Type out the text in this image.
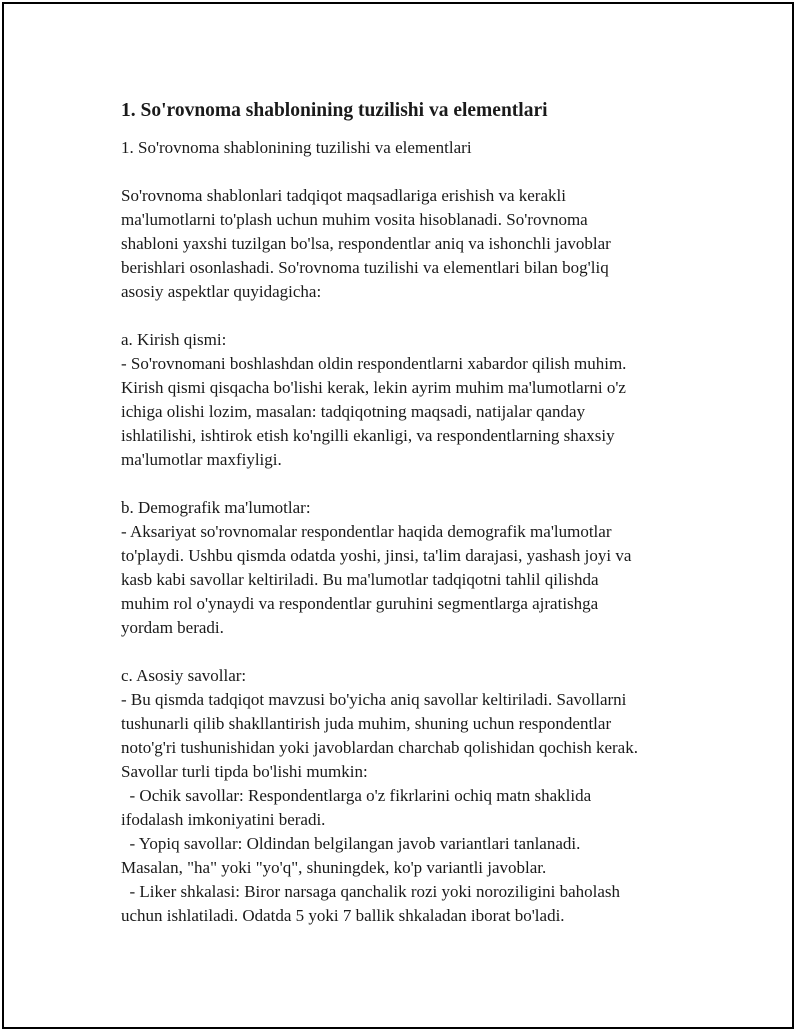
1. So'rovnoma shablonining tuzilishi va elementlari
1. So'rovnoma shablonining tuzilishi va elementlari
So'rovnoma shablonlari tadqiqot maqsadlariga erishish va kerakli
ma'lumotlarni to'plash uchun muhim vosita hisoblanadi. So'rovnoma
shabloni yaxshi tuzilgan bo'lsa, respondentlar aniq va ishonchli javoblar
berishlari osonlashadi. So'rovnoma tuzilishi va elementlari bilan bog'liq
asosiy aspektlar quyidagicha:
a. Kirish qismi:
- So'rovnomani boshlashdan oldin respondentlarni xabardor qilish muhim.
Kirish qismi qisqacha bo'lishi kerak, lekin ayrim muhim ma'lumotlarni o'z
ichiga olishi lozim, masalan: tadqiqotning maqsadi, natijalar qanday
ishlatilishi, ishtirok etish ko'ngilli ekanligi, va respondentlarning shaxsiy
ma'lumotlar maxfiyligi.
b. Demografik ma'lumotlar:
- Aksariyat so'rovnomalar respondentlar haqida demografik ma'lumotlar
to'playdi. Ushbu qismda odatda yoshi, jinsi, ta'lim darajasi, yashash joyi va
kasb kabi savollar keltiriladi. Bu ma'lumotlar tadqiqotni tahlil qilishda
muhim rol o'ynaydi va respondentlar guruhini segmentlarga ajratishga
yordam beradi.
c. Asosiy savollar:
- Bu qismda tadqiqot mavzusi bo'yicha aniq savollar keltiriladi. Savollarni
tushunarli qilib shakllantirish juda muhim, shuning uchun respondentlar
noto'g'ri tushunishidan yoki javoblardan charchab qolishidan qochish kerak.
Savollar turli tipda bo'lishi mumkin:
- Ochik savollar: Respondentlarga o'z fikrlarini ochiq matn shaklida
ifodalash imkoniyatini beradi.
- Yopiq savollar: Oldindan belgilangan javob variantlari tanlanadi.
Masalan, "ha" yoki "yo'q", shuningdek, ko'p variantli javoblar.
- Liker shkalasi: Biror narsaga qanchalik rozi yoki noroziligini baholash
uchun ishlatiladi. Odatda 5 yoki 7 ballik shkaladan iborat bo'ladi.
